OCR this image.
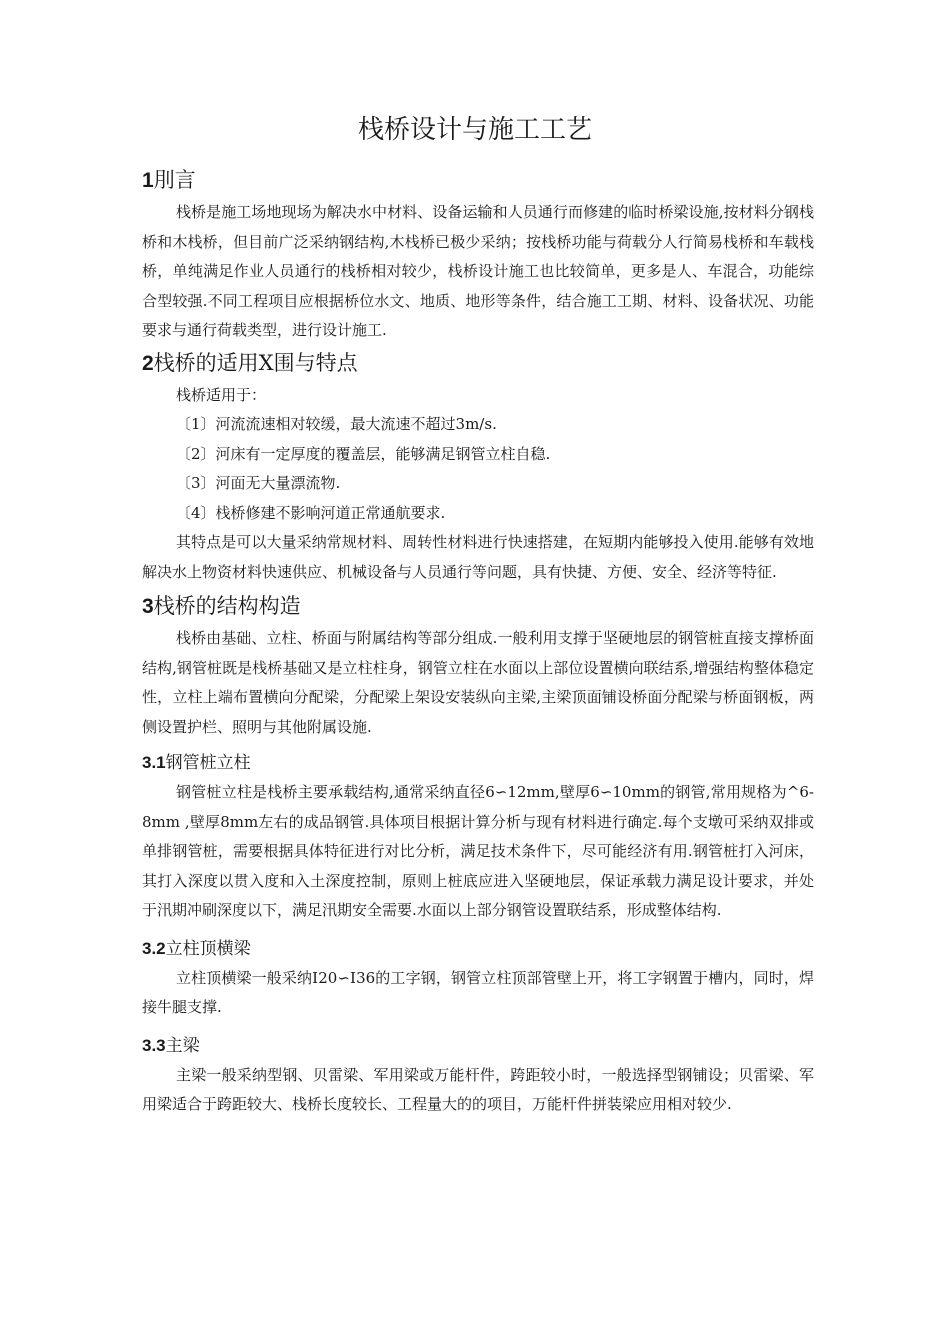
栈桥设计与施工工艺
1刖言

栈桥是施工场地现场为解决水中材料、设备运输和人员通行而修建的临时桥梁设施,按材料分钢栈桥和木栈桥，但目前广泛采纳钢结构,木栈桥已极少采纳；按栈桥功能与荷载分人行简易栈桥和车载栈桥，单纯满足作业人员通行的栈桥相对较少，栈桥设计施工也比较简单，更多是人、车混合，功能综合型较强.不同工程项目应根据桥位水文、地质、地形等条件，结合施工工期、材料、设备状况、功能要求与通行荷载类型，进行设计施工.

2栈桥的适用X围与特点

栈桥适用于：

〔1〕河流流速相对较缓，最大流速不超过3m/s.
〔2〕河床有一定厚度的覆盖层，能够满足钢管立柱自稳.
〔3〕河面无大量漂流物.
〔4〕栈桥修建不影响河道正常通航要求.

其特点是可以大量采纳常规材料、周转性材料进行快速搭建，在短期内能够投入使用.能够有效地解决水上物资材料快速供应、机械设备与人员通行等问题，具有快捷、方便、安全、经济等特征.

3栈桥的结构构造

栈桥由基础、立柱、桥面与附属结构等部分组成.一般利用支撑于坚硬地层的钢管桩直接支撑桥面结构,钢管桩既是栈桥基础又是立柱柱身，钢管立柱在水面以上部位设置横向联结系,增强结构整体稳定性，立柱上端布置横向分配梁，分配梁上架设安装纵向主梁,主梁顶面铺设桥面分配梁与桥面钢板，两侧设置护栏、照明与其他附属设施.

3.1钢管桩立柱

钢管桩立柱是栈桥主要承载结构,通常采纳直径6∽12mm,壁厚6∽10mm的钢管,常用规格为^6-8mm ,壁厚8mm左右的成品钢管.具体项目根据计算分析与现有材料进行确定.每个支墩可采纳双排或单排钢管桩，需要根据具体特征进行对比分析，满足技术条件下，尽可能经济有用.钢管桩打入河床，其打入深度以贯入度和入土深度控制，原则上桩底应进入坚硬地层，保证承载力满足设计要求，并处于汛期冲刷深度以下，满足汛期安全需要.水面以上部分钢管设置联结系，形成整体结构.

3.2立柱顶横梁

立柱顶横梁一般采纳Ⅰ20∽Ⅰ36的工字钢，钢管立柱顶部管壁上开，将工字钢置于槽内，同时，焊接牛腿支撑.

3.3主梁

主梁一般采纳型钢、贝雷梁、军用梁或万能杆件，跨距较小时，一般选择型钢铺设；贝雷梁、军用梁适合于跨距较大、栈桥长度较长、工程量大的的项目，万能杆件拼装梁应用相对较少.
